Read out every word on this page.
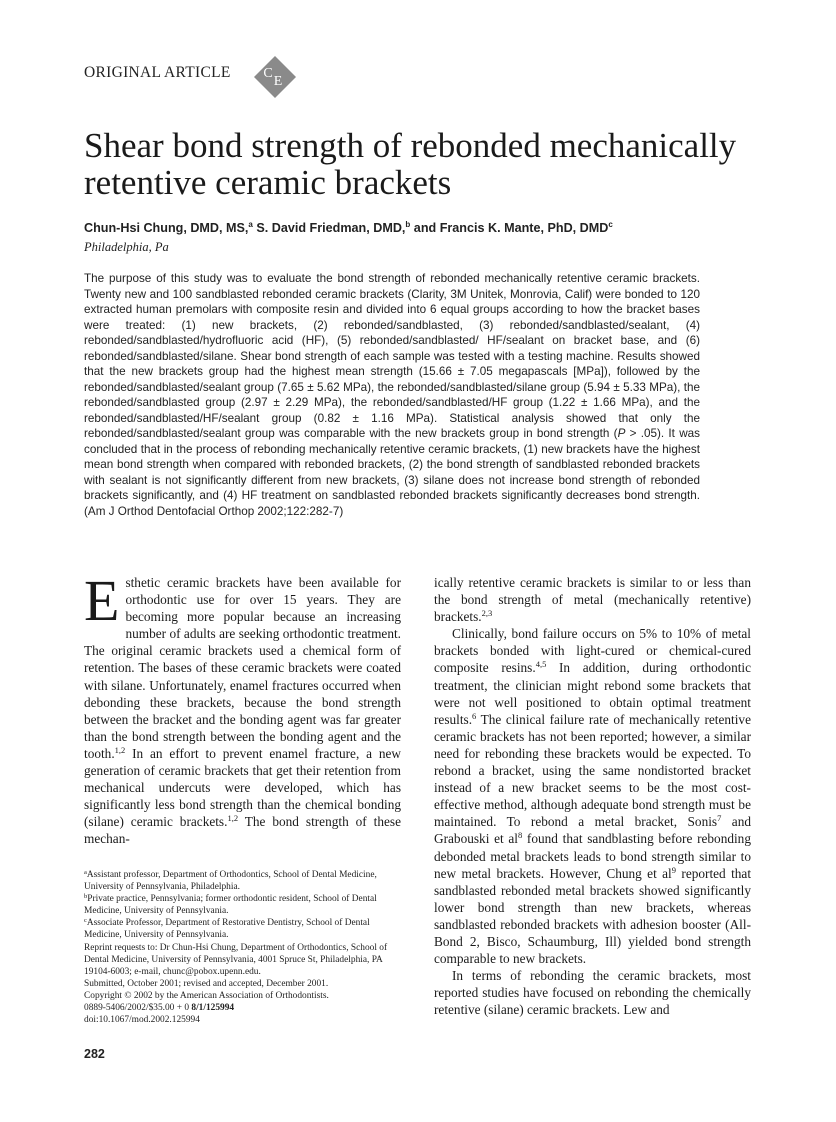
ORIGINAL ARTICLE C
E
Shear bond strength of rebonded mechanically retentive ceramic brackets
Chun-Hsi Chung, DMD, MS,$^a$ S. David Friedman, DMD,$^b$ and Francis K. Mante, PhD, DMD$^c$
Philadelphia, Pa

The purpose of this study was to evaluate the bond strength of rebonded mechanically retentive ceramic brackets. Twenty new and 100 sandblasted rebonded ceramic brackets (Clarity, 3M Unitek, Monrovia, Calif) were bonded to 120 extracted human premolars with composite resin and divided into 6 equal groups according to how the bracket bases were treated: (1) new brackets, (2) rebonded/sandblasted, (3) rebonded/sandblasted/sealant, (4) rebonded/sandblasted/hydrofluoric acid (HF), (5) rebonded/sandblasted/ HF/sealant on bracket base, and (6) rebonded/sandblasted/silane. Shear bond strength of each sample was tested with a testing machine. Results showed that the new brackets group had the highest mean strength (15.66 ± 7.05 megapascals [MPa]), followed by the rebonded/sandblasted/sealant group (7.65 ± 5.62 MPa), the rebonded/sandblasted/silane group (5.94 ± 5.33 MPa), the rebonded/sandblasted group (2.97 ± 2.29 MPa), the rebonded/sandblasted/HF group (1.22 ± 1.66 MPa), and the rebonded/sandblasted/HF/sealant group (0.82 ± 1.16 MPa). Statistical analysis showed that only the rebonded/sandblasted/sealant group was comparable with the new brackets group in bond strength (P > .05). It was concluded that in the process of rebonding mechanically retentive ceramic brackets, (1) new brackets have the highest mean bond strength when compared with rebonded brackets, (2) the bond strength of sandblasted rebonded brackets with sealant is not significantly different from new brackets, (3) silane does not increase bond strength of rebonded brackets significantly, and (4) HF treatment on sandblasted rebonded brackets significantly decreases bond strength. (Am J Orthod Dentofacial Orthop 2002;122:282-7)

Esthetic ceramic brackets have been available for orthodontic use for over 15 years. They are becoming more popular because an increasing number of adults are seeking orthodontic treatment. The original ceramic brackets used a chemical form of retention. The bases of these ceramic brackets were coated with silane. Unfortunately, enamel fractures occurred when debonding these brackets, because the bond strength between the bracket and the bonding agent was far greater than the bond strength between the bonding agent and the tooth.$^{1,2}$ In an effort to prevent enamel fracture, a new generation of ceramic brackets that get their retention from mechanical undercuts were developed, which has significantly less bond strength than the chemical bonding (silane) ceramic brackets.$^{1,2}$ The bond strength of these mechan-

ically retentive ceramic brackets is similar to or less than the bond strength of metal (mechanically retentive) brackets.$^{2,3}$

Clinically, bond failure occurs on 5% to 10% of metal brackets bonded with light-cured or chemical-cured composite resins.$^{4,5}$ In addition, during orthodontic treatment, the clinician might rebond some brackets that were not well positioned to obtain optimal treatment results.$^6$ The clinical failure rate of mechanically retentive ceramic brackets has not been reported; however, a similar need for rebonding these brackets would be expected. To rebond a bracket, using the same nondistorted bracket instead of a new bracket seems to be the most cost-effective method, although adequate bond strength must be maintained. To rebond a metal bracket, Sonis$^7$ and Grabouski et $al^8$ found that sandblasting before rebonding debonded metal brackets leads to bond strength similar to new metal brackets. However, Chung et $al^9$ reported that sandblasted rebonded metal brackets showed significantly lower bond strength than new brackets, whereas sandblasted rebonded brackets with adhesion booster (All-Bond 2, Bisco, Schaumburg, Ill) yielded bond strength comparable to new brackets.

In terms of rebonding the ceramic brackets, most reported studies have focused on rebonding the chemically retentive (silane) ceramic brackets. Lew and

$^a$Assistant professor, Department of Orthodontics, School of Dental Medicine, University of Pennsylvania, Philadelphia.
$^b$Private practice, Pennsylvania; former orthodontic resident, School of Dental Medicine, University of Pennsylvania.
$^c$Associate Professor, Department of Restorative Dentistry, School of Dental Medicine, University of Pennsylvania.
Reprint requests to: Dr Chun-Hsi Chung, Department of Orthodontics, School of Dental Medicine, University of Pennsylvania, 4001 Spruce St, Philadelphia, PA 19104-6003; e-mail, chunc@pobox.upenn.edu.
Submitted, October 2001; revised and accepted, December 2001.
Copyright © 2002 by the American Association of Orthodontists.
0889-5406/2002/$35.00 + 0 8/1/125994
doi:10.1067/mod.2002.125994
282
